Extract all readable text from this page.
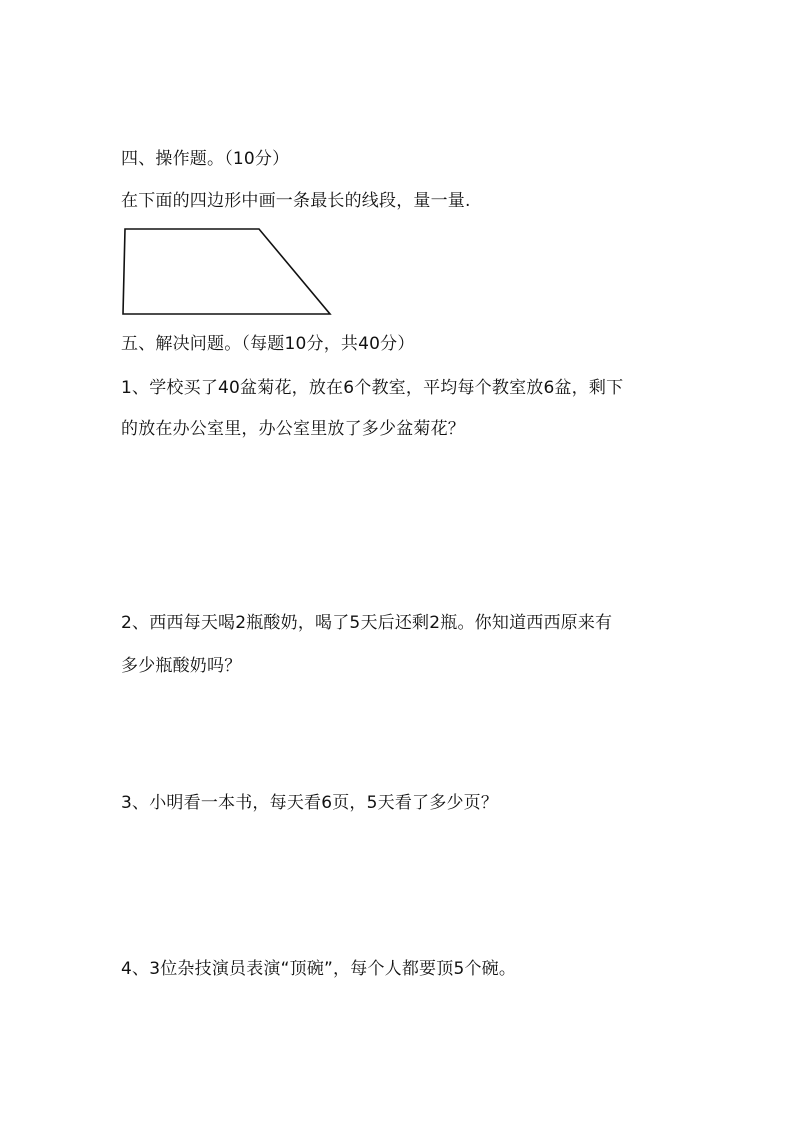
四、操作题。（10分）
在下面的四边形中画一条最长的线段，量一量.
五、解决问题。（每题10分，共40分）
1、学校买了40盆菊花，放在6个教室，平均每个教室放6盆，剩下
的放在办公室里，办公室里放了多少盆菊花？
2、西西每天喝2瓶酸奶，喝了5天后还剩2瓶。你知道西西原来有
多少瓶酸奶吗？
3、小明看一本书，每天看6页，5天看了多少页？
4、3位杂技演员表演“顶碗”，每个人都要顶5个碗。
